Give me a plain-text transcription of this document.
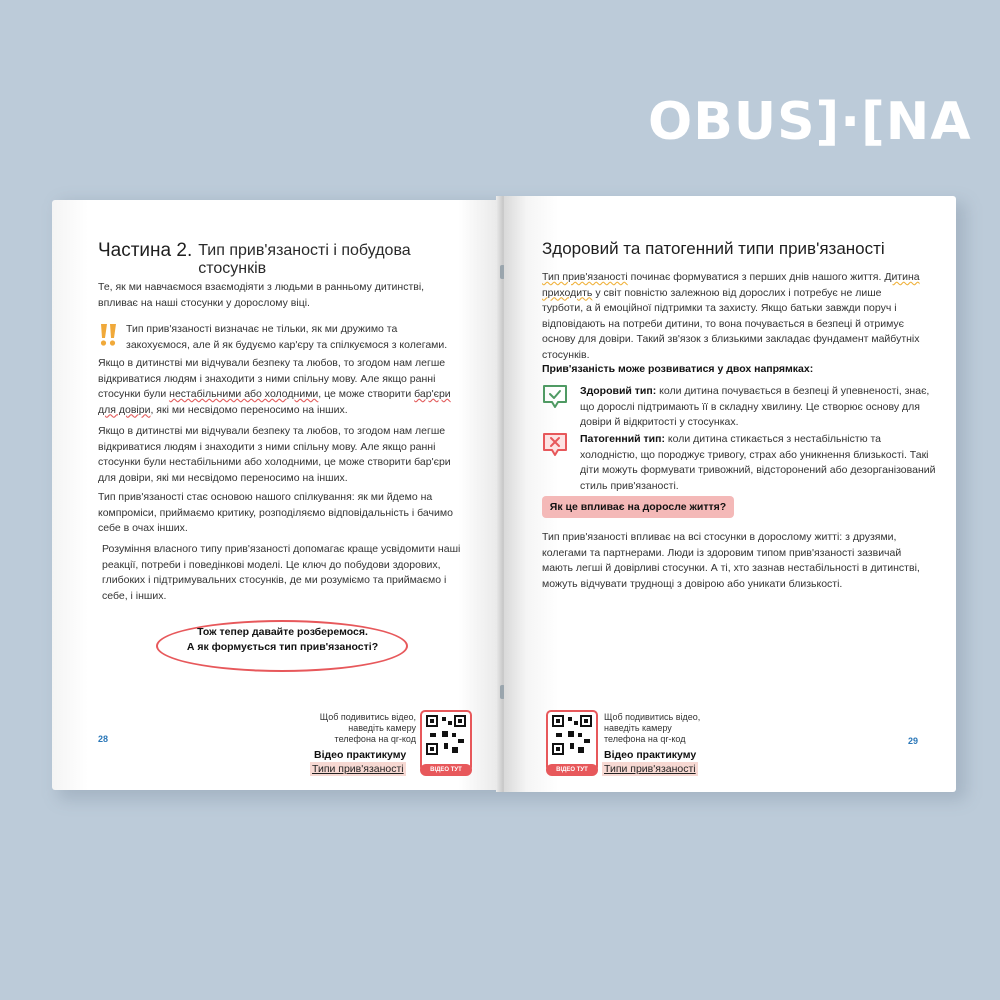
OBUS]·[NA
Частина 2. Тип прив'язаності і побудова стосунків
Те, як ми навчаємося взаємодіяти з людьми в ранньому дитинстві, впливає на наші стосунки у дорослому віці.
Тип прив'язаності визначає не тільки, як ми дружимо та закохуємося, але й як будуємо кар'єру та спілкуємося з колегами.
Якщо в дитинстві ми відчували безпеку та любов, то згодом нам легше відкриватися людям і знаходити з ними спільну мову. Але якщо ранні стосунки були нестабільними або холодними, це може створити бар'єри для довіри, які ми несвідомо переносимо на інших.
Якщо в дитинстві ми відчували безпеку та любов, то згодом нам легше відкриватися людям і знаходити з ними спільну мову. Але якщо ранні стосунки були нестабільними або холодними, це може створити бар'єри для довіри, які ми несвідомо переносимо на інших.
Тип прив'язаності стає основою нашого спілкування: як ми йдемо на компроміси, приймаємо критику, розподіляємо відповідальність і бачимо себе в очах інших.
Розуміння власного типу прив'язаності допомагає краще усвідомити наші реакції, потреби і поведінкові моделі. Це ключ до побудови здорових, глибоких і підтримувальних стосунків, де ми розуміємо та приймаємо і себе, і інших.
Тож тепер давайте розберемося.
А як формується тип прив'язаності?
28
Щоб подивитись відео, наведіть камеру телефона на qr-код
Відео практикуму
Типи прив'язаності	ВІДЕО ТУТ
Здоровий та патогенний типи прив'язаності
Тип прив'язаності починає формуватися з перших днів нашого життя. Дитина приходить у світ повністю залежною від дорослих і потребує не лише турботи, а й емоційної підтримки та захисту. Якщо батьки завжди поруч і відповідають на потреби дитини, то вона почувається в безпеці й отримує основу для довіри. Такий зв'язок з близькими закладає фундамент майбутніх стосунків.
Прив'язаність може розвиватися у двох напрямках:
Здоровий тип: коли дитина почувається в безпеці й упевненості, знає, що дорослі підтримають її в складну хвилину. Це створює основу для довіри й відкритості у стосунках.
Патогенний тип: коли дитина стикається з нестабільністю та холодністю, що породжує тривогу, страх або уникнення близькості. Такі діти можуть формувати тривожний, відсторонений або дезорганізований стиль прив'язаності.
Як це впливає на доросле життя?
Тип прив'язаності впливає на всі стосунки в дорослому житті: з друзями, колегами та партнерами. Люди із здоровим типом прив'язаності зазвичай мають легші й довірливі стосунки. А ті, хто зазнав нестабільності в дитинстві, можуть відчувати труднощі з довірою або уникати близькості.
ВІДЕО ТУТ
Щоб подивитись відео, наведіть камеру телефона на qr-код
Відео практикуму
Типи прив'язаності
29
